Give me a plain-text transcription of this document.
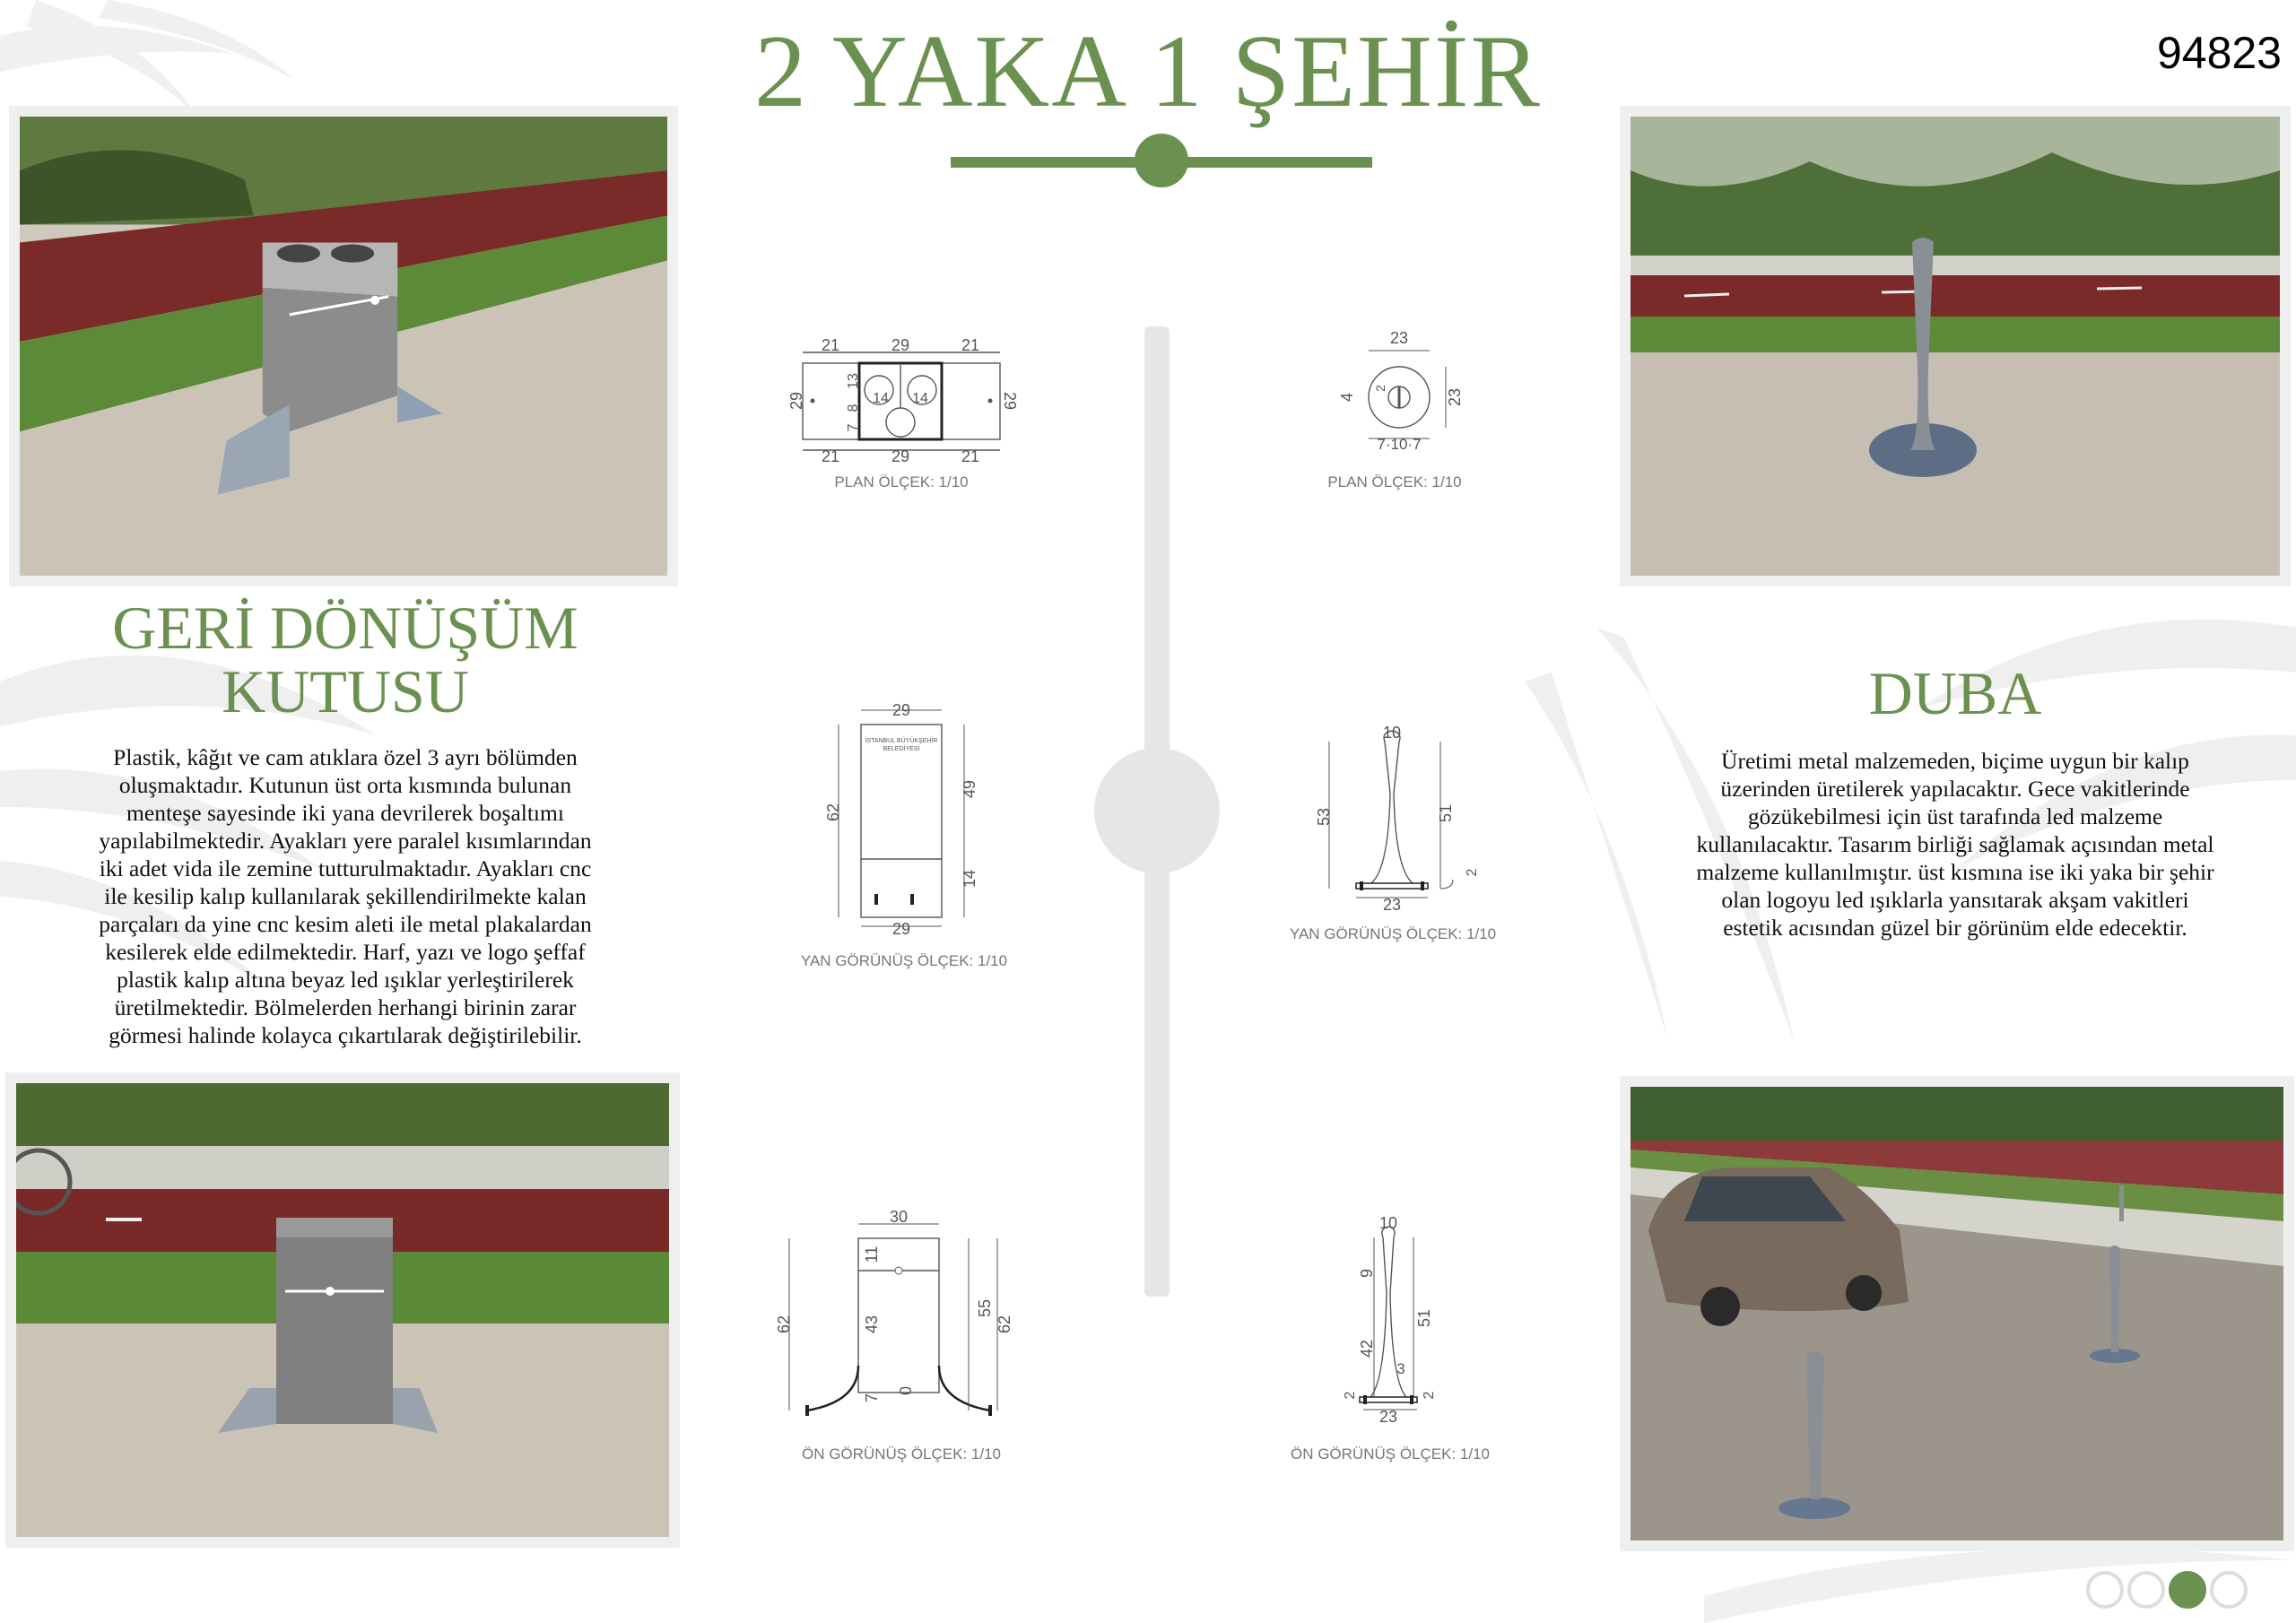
2 YAKA 1 ŞEHİR	94823
GERİ DÖNÜŞÜM
KUTUSU
Plastik, kâğıt ve cam atıklara özel 3 ayrı bölümden
oluşmaktadır. Kutunun üst orta kısmında bulunan
menteşe sayesinde iki yana devrilerek boşaltımı
yapılabilmektedir. Ayakları yere paralel kısımlarından
iki adet vida ile zemine tutturulmaktadır. Ayakları cnc
ile kesilip kalıp kullanılarak şekillendirilmekte kalan
parçaları da yine cnc kesim aleti ile metal plakalardan
kesilerek elde edilmektedir. Harf, yazı ve logo şeffaf
plastik kalıp altına beyaz led ışıklar yerleştirilerek
üretilmektedir. Bölmelerden herhangi birinin zarar
görmesi halinde kolayca çıkartılarak değiştirilebilir.
DUBA
Üretimi metal malzemeden, biçime uygun bir kalıp
üzerinden üretilerek yapılacaktır. Gece vakitlerinde
gözükebilmesi için üst tarafında led malzeme
kullanılacaktır. Tasarım birliği sağlamak açısından metal
malzeme kullanılmıştır. üst kısmına ise iki yaka bir şehir
olan logoyu led ışıklarla yansıtarak akşam vakitleri
estetik acısından güzel bir görünüm elde edecektir.
21	29	21
21	29	21
29	29
13
14 14
7
8
PLAN ÖLÇEK: 1/10
29
29
62
49
14
İSTANBUL BÜYÜKŞEHİR
BELEDİYESİ
YAN GÖRÜNÜŞ ÖLÇEK: 1/10
30
62
11
43
7
0
55
62
ÖN GÖRÜNÜŞ ÖLÇEK: 1/10
23
23
4
2
7·10·7
PLAN ÖLÇEK: 1/10
10
53	51
2
23
YAN GÖRÜNÜŞ ÖLÇEK: 1/10
10
9
42
51
3
2	2
23
ÖN GÖRÜNÜŞ ÖLÇEK: 1/10
